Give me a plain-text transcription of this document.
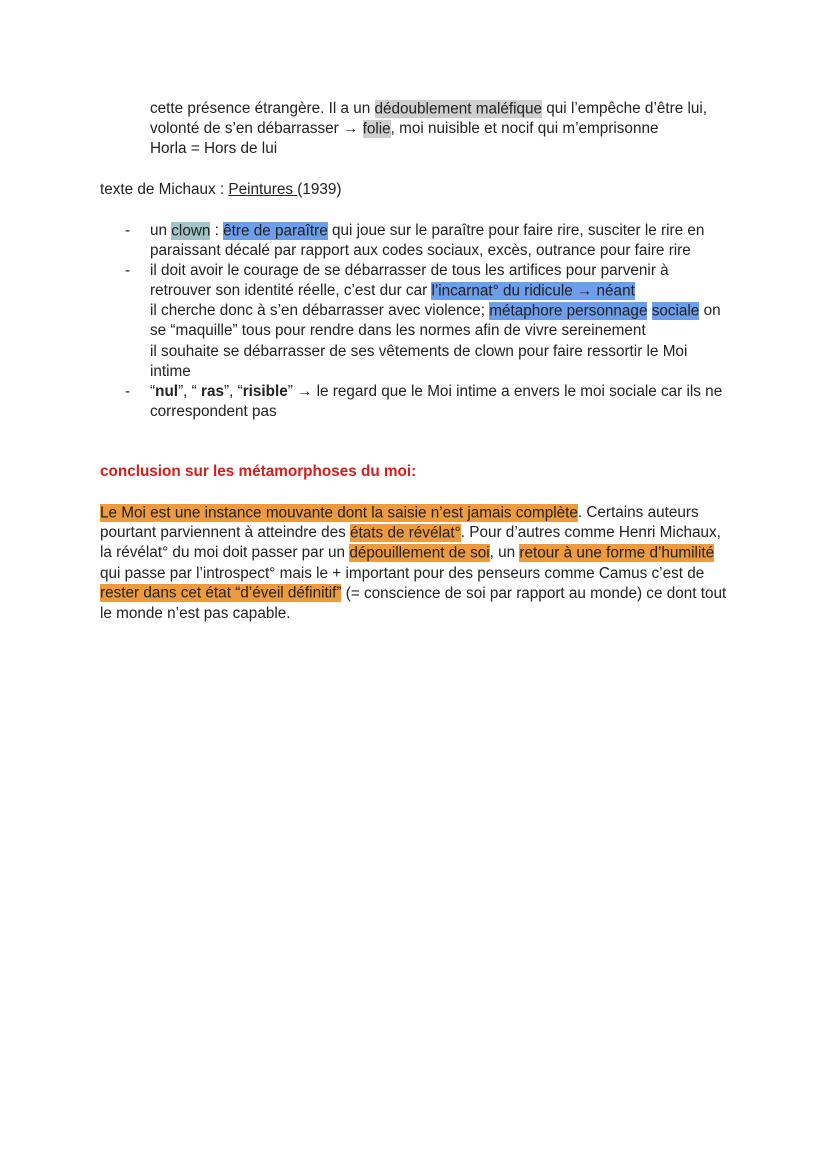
cette présence étrangère. Il a un dédoublement maléfique qui l’empêche d’être lui,
volonté de s’en débarrasser → folie, moi nuisible et nocif qui m’emprisonne
Horla = Hors de lui
texte de Michaux : Peintures (1939)
- un clown : être de paraître qui joue sur le paraître pour faire rire, susciter le rire en
paraissant décalé par rapport aux codes sociaux, excès, outrance pour faire rire
- il doit avoir le courage de se débarrasser de tous les artifices pour parvenir à
retrouver son identité réelle, c’est dur car l’incarnat° du ridicule → néant
il cherche donc à s’en débarrasser avec violence; métaphore personnage sociale on
se “maquille” tous pour rendre dans les normes afin de vivre sereinement
il souhaite se débarrasser de ses vêtements de clown pour faire ressortir le Moi
intime
- “nul”, “ ras”, “risible” → le regard que le Moi intime a envers le moi sociale car ils ne
correspondent pas
conclusion sur les métamorphoses du moi:
Le Moi est une instance mouvante dont la saisie n’est jamais complète. Certains auteurs
pourtant parviennent à atteindre des états de révélat°. Pour d’autres comme Henri Michaux,
la révélat° du moi doit passer par un dépouillement de soi, un retour à une forme d’humilité
qui passe par l’introspect° mais le + important pour des penseurs comme Camus c’est de
rester dans cet état “d’éveil définitif” (= conscience de soi par rapport au monde) ce dont tout
le monde n’est pas capable.
